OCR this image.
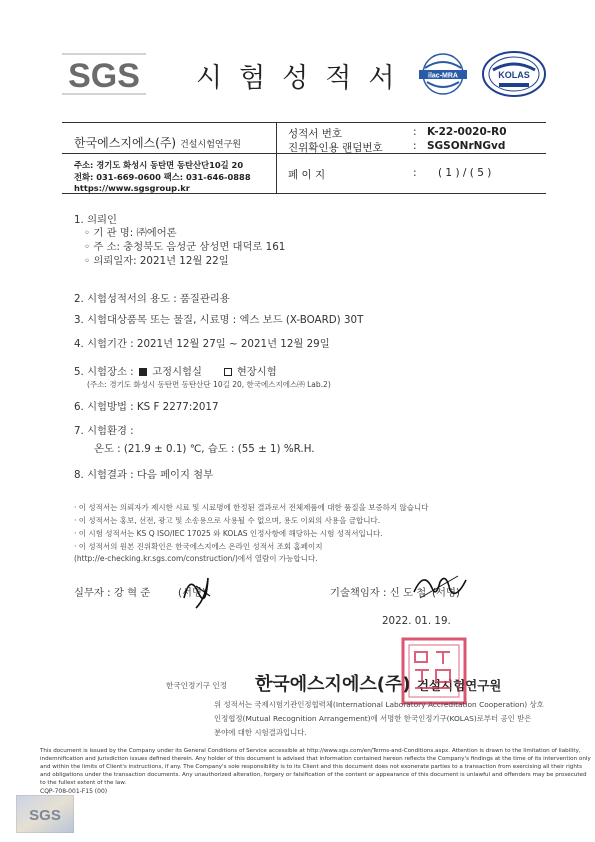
SGS 시험성적서 ilac-MRA	KOLAS
한국에스지에스(주) 건설시험연구원
주소: 경기도 화성시 동탄면 동탄산단10길 20
전화: 031-669-0600 팩스: 031-646-0888
https://www.sgsgroup.kr
성적서 번호	: K-22-0020-R0
진위확인용 랜덤번호	: SGSONrNGvd
페 이 지	: ( 1 ) / ( 5 )
1. 의뢰인
◦ 기 관 명: ㈜에어론
◦ 주 소: 충청북도 음성군 삼성면 대덕로 161
◦ 의뢰일자: 2021년 12월 22일
2. 시험성적서의 용도 : 품질관리용
3. 시험대상품목 또는 물질, 시료명 : 엑스 보드 (X-BOARD) 30T
4. 시험기간 : 2021년 12월 27일 ~ 2021년 12월 29일
5. 시험장소 : 고정시험실	현장시험
(주소: 경기도 화성시 동탄면 동탄산단 10길 20, 한국에스지에스㈜ Lab.2)
6. 시험방법 : KS F 2277:2017
7. 시험환경 :
온도 : (21.9 ± 0.1) ℃, 습도 : (55 ± 1) %R.H.
8. 시험결과 : 다음 페이지 첨부
· 이 성적서는 의뢰자가 제시한 시료 및 시료명에 한정된 결과로서 전체제품에 대한 품질을 보증하지 않습니다
· 이 성적서는 홍보, 선전, 광고 및 소송용으로 사용될 수 없으며, 용도 이외의 사용을 금합니다.
· 이 시험 성적서는 KS Q ISO/IEC 17025 와 KOLAS 인정사항에 해당하는 시험 성적서입니다.
· 이 성적서의 원본 진위확인은 한국에스지에스 온라인 성적서 조회 홈페이지
(http://e-checking.kr.sgs.com/construction/)에서 열람이 가능합니다.
실무자 : 강 혁 준	(서명)	기술책임자 : 신 도 철 (서명)
2022. 01. 19.
한국인정기구 인정 한국에스지에스(주) 건설시험연구원
위 성적서는 국제시험기관인정협력체(International Laboratory Accreditation Cooperation) 상호
인정협정(Mutual Recognition Arrangement)에 서명한 한국인정기구(KOLAS)로부터 공인 받은
분야에 대한 시험결과입니다.
This document is issued by the Company under its General Conditions of Service accessible at http://www.sgs.com/en/Terms-and-Conditions.aspx. Attention is drawn to the limitation of liability,
indemnification and jurisdiction issues defined therein. Any holder of this document is advised that information contained hereon reflects the Company's findings at the time of its intervention only
and within the limits of Client's instructions, if any. The Company's sole responsibility is to its Client and this document does not exonerate parties to a transaction from exercising all their rights
and obligations under the transaction documents. Any unauthorized alteration, forgery or falsification of the content or appearance of this document is unlawful and offenders may be prosecuted
to the fullest extent of the law.
CQP-708-001-F15 (00)
SGS
